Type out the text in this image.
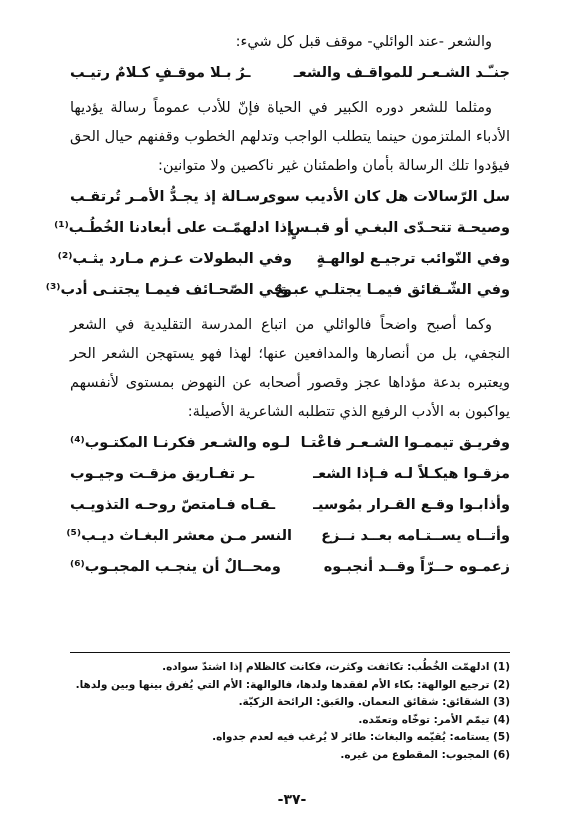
والشعر -عند الوائلي- موقف قبل كل شيء:
جنـّـد الشـعـر للمواقـف والشعـ
ـرُ بـلا موقـفٍ كـلامٌ رتيـب
ومثلما للشعر دوره الكبير في الحياة فإنّ للأدب عموماً رسالة يؤديها
الأدباء الملتزمون حينما يتطلب الواجب وتدلهم الخطوب وقفنهم حيال الحق
فيؤدوا تلك الرسالة بأمان واطمئنان غير ناكصين ولا متوانين:
سل الرّسالات هل كان الأديب سوى
رسـالة إذ يجـدُّ الأمـر تُرتقـب
وصيحـة تتحـدّى البغـي أو قبـسٍ
إذا ادلهمّـت على أبعادنا الخُطُـب⁽¹⁾
وفي النّوائب ترجيـع لوالهـةٍ
وفي البطولات عـزم مـارد يثـب⁽²⁾
وفي الشّـقائق فيمـا يجتلـي عبـقٌ
وفي الصّحـائف فيمـا يجتنـى أدب⁽³⁾
وكما أصبح واضحاً فالوائلي من اتباع المدرسة التقليدية في الشعر
النجفي، بل من أنصارها والمدافعين عنها؛ لهذا فهو يستهجن الشعر الحر
ويعتبره بدعة مؤداها عجز وقصور أصحابه عن النهوض بمستوى لأنفسهم
يواكبون به الأدب الرفيع الذي تتطلبه الشاعرية الأصيلة:
وفريـق تيممـوا الشـعـر فاعْتـا
لـوه والشـعر فكرنـا المكتـوب⁽⁴⁾
مزقـوا هيكـلاً لـه فـإذا الشعـ
ـر تفـاريق مزقـت وجيـوب
وأذابـوا وقـع القـرار بمُوسيـ
ـقـاه فـامتصّ روحـه التذويـب
وأتــاه يســتـامه بعــد نــزع
النسر مـن معشر البغـاث ديـب⁽⁵⁾
زعمـوه حــرّاً وقــد أنجبـوه
ومحــالٌ أن ينجـب المجبـوب⁽⁶⁾
(1) ادلهمّت الخُطُب: تكاثفت وكثرت، فكانت كالظلام إذا اشتدّ سواده.
(2) ترجيع الوالهة: بكاء الأم لفقدها ولدها، فالوالهة: الأم التي يُفرق بينها وبين ولدها.
(3) الشقائق: شقائق النعمان. والعَبق: الرائحة الزكيّة.
(4) تيمّم الأمر: توخّاه وتعمّده.
(5) يستامه: يُقيّمه والبغاث: طائر لا يُرغب فيه لعدم جدواه.
(6) المجبوب: المقطوع من غيره.
-٣٧-
